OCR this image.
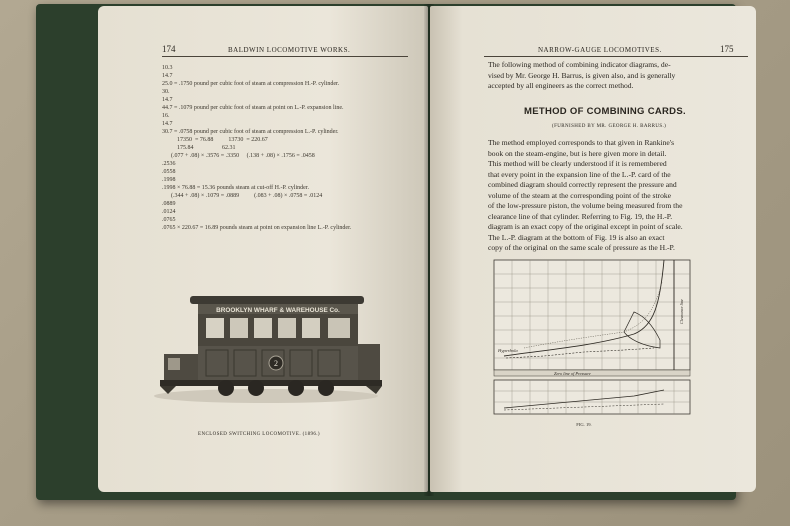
174	BALDWIN LOCOMOTIVE WORKS.
10.3
14.7
25.0 = .1750 pound per cubic foot of steam at compression H.-P. cylinder.
30.
14.7
44.7 = .1079 pound per cubic foot of steam at point on L.-P. expansion line.
16.
14.7
30.7 = .0758 pound per cubic foot of steam at compression L.-P. cylinder.
17350  = 76.88          13730  = 220.67
175.84                   62.31
(.077 + .08) × .3576 = .3350     (.138 + .08) × .1756 = .0458
.2536
.0558
.1998
.1998 × 76.88 = 15.36 pounds steam at cut-off H.-P. cylinder.
(.344 + .08) × .1079 = .0889          (.083 + .08) × .0758 = .0124
.0889
.0124
.0765
.0765 × 220.67 = 16.89 pounds steam at point on expansion line L.-P. cylinder.
BROOKLYN WHARF & WAREHOUSE Co.
2
ENCLOSED SWITCHING LOCOMOTIVE. (1896.)
NARROW-GAUGE LOCOMOTIVES.	175
The following method of combining indicator diagrams, de-
vised by Mr. George H. Barrus, is given also, and is generally
accepted by all engineers as the correct method.
METHOD OF COMBINING CARDS.
(FURNISHED BY MR. GEORGE H. BARRUS.)
The method employed corresponds to that given in Rankine's
book on the steam-engine, but is here given more in detail.
This method will be clearly understood if it is remembered
that every point in the expansion line of the L.-P. card of the
combined diagram should correctly represent the pressure and
volume of the steam at the corresponding point of the stroke
of the low-pressure piston, the volume being measured from the
clearance line of that cylinder. Referring to Fig. 19, the H.-P.
diagram is an exact copy of the original except in point of scale.
The L.-P. diagram at the bottom of Fig. 19 is also an exact
copy of the original on the same scale of pressure as the H.-P.
Hyperbola
Clearance line
Zero line of Pressure
FIG. 19.
